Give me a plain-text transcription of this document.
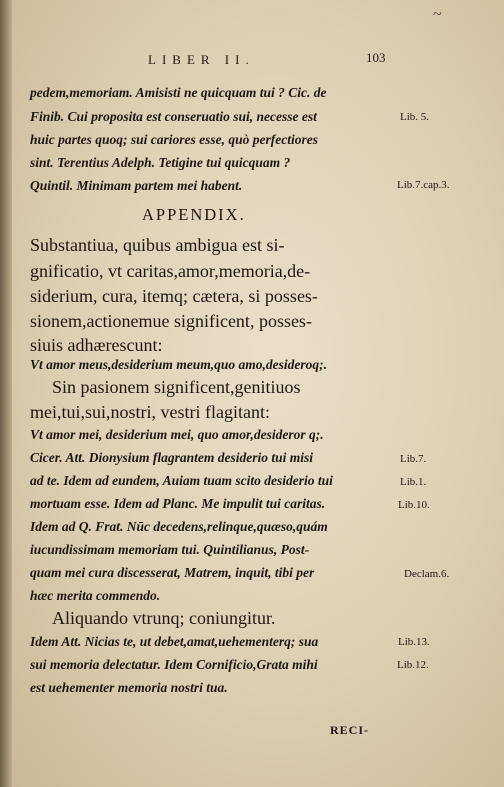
~
LIBER II.	103
pedem,memoriam. Amisisti ne quicquam tui ? Cic. de
Finib. Cui proposita est conseruatio sui, necesse est
huic partes quoq; sui cariores esse, quò perfectiores
sint. Terentius Adelph. Tetigine tui quicquam ?
Quintil. Minimam partem mei habent.
APPENDIX.
Substantiua, quibus ambigua est si-
gnificatio, vt caritas,amor,memoria,de-
siderium, cura, itemq; cætera, si posses-
sionem,actionemue significent, posses-
siuis adhærescunt:
Vt amor meus,desiderium meum,quo amo,desideroq;.
Sin pasionem significent,genitiuos
mei,tui,sui,nostri, vestri flagitant:
Vt amor mei, desiderium mei, quo amor,desideror q;.
Cicer. Att. Dionysium flagrantem desiderio tui misi
ad te. Idem ad eundem, Auiam tuam scito desiderio tui
mortuam esse. Idem ad Planc. Me impulit tui caritas.
Idem ad Q. Frat. Nūc decedens,relinque,quæso,quám
iucundissimam memoriam tui. Quintilianus, Post-
quam mei cura discesserat, Matrem, inquit, tibi per
hæc merita commendo.
Aliquando vtrunq; coniungitur.
Idem Att. Nicias te, ut debet,amat,uehementerq; sua
sui memoria delectatur. Idem Cornificio,Grata mihi
est uehementer memoria nostri tua.
Lib. 5.
Lib.7.cap.3.
Lib.7.
Lib.1.
Lib.10.
Declam.6.
Lib.13.
Lib.12.
RECI-
